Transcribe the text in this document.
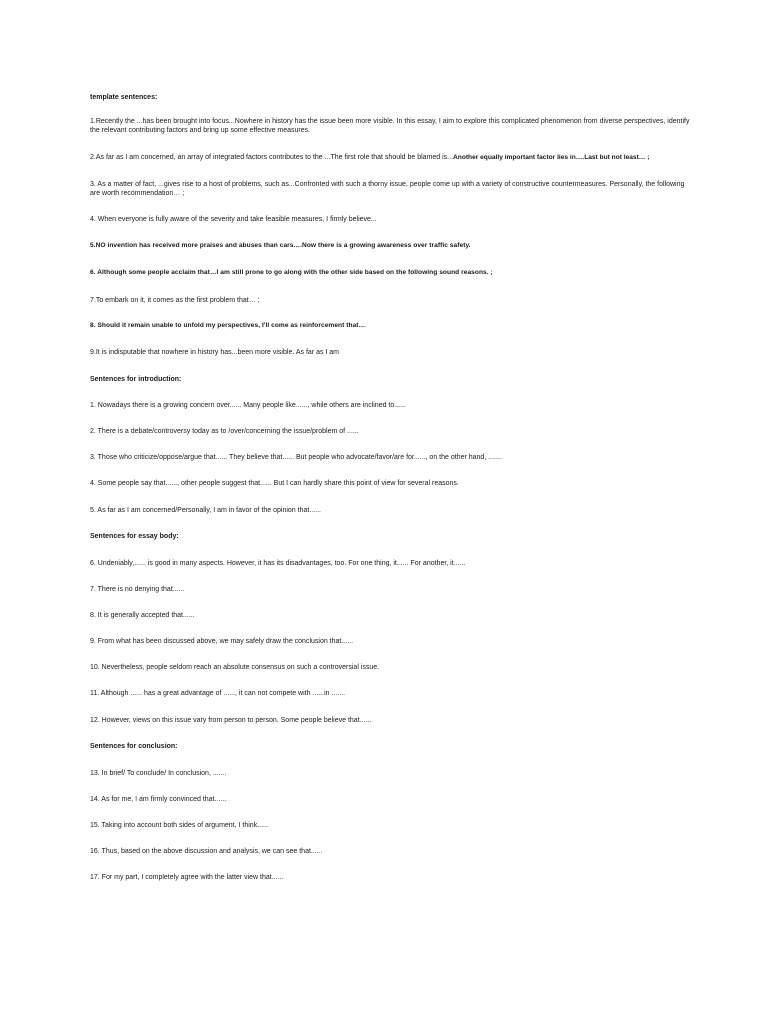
template sentences:
1.Recently the ...has been brought into focus...Nowhere in history has the issue been more visible. In this essay, I aim to explore this complicated phenomenon from diverse perspectives, identify the relevant contributing factors and bring up some effective measures.
2.As far as I am concerned, an array of integrated factors contributes to the ...The first role that should be blamed is...Another equally important factor lies in….Last but not least… ;
3. As a matter of fact, ...gives rise to a host of problems, such as...Confronted with such a thorny issue, people come up with a variety of constructive countermeasures. Personally, the following are worth recommendation… ;
4. When everyone is fully aware of the severity and take feasible measures, I firmly believe...
5.NO invention has received more praises and abuses than cars….Now there is a growing awareness over traffic safety.
6. Although some people acclaim that…I am still prone to go along with the other side based on the following sound reasons. ;
7.To embark on it, it comes as the first problem that… ;
8. Should it remain unable to unfold my perspectives, I'll come as reinforcement that…
9.It is indisputable that nowhere in history has...been more visible. As far as I am
Sentences for introduction:
1. Nowadays there is a growing concern over...... Many people like......, while others are inclined to......
2. There is a debate/controversy today as to /over/concerning the issue/problem of ......
3. Those who criticize/oppose/argue that...... They believe that...... But people who advocate/favor/are for......, on the other hand, .......
4. Some people say that......, other people suggest that...... But I can hardly share this point of view for several reasons.
5. As far as I am concerned/Personally, I am in favor of the opinion that......
Sentences for essay body:
6. Undeniably,...... is good in many aspects. However, it has its disadvantages, too. For one thing, it...... For another, it......
7. There is no denying that......
8. It is generally accepted that......
9. From what has been discussed above, we may safely draw the conclusion that......
10. Nevertheless, people seldom reach an absolute consensus on such a controversial issue.
11. Although ...... has a great advantage of ......, it can not compete with ......in .......
12. However, views on this issue vary from person to person. Some people believe that......
Sentences for conclusion:
13. In brief/ To conclude/ In conclusion, .......
14. As for me, I am firmly convinced that......
15. Taking into account both sides of argument, I think......
16. Thus, based on the above discussion and analysis, we can see that......
17. For my part, I completely agree with the latter view that......
